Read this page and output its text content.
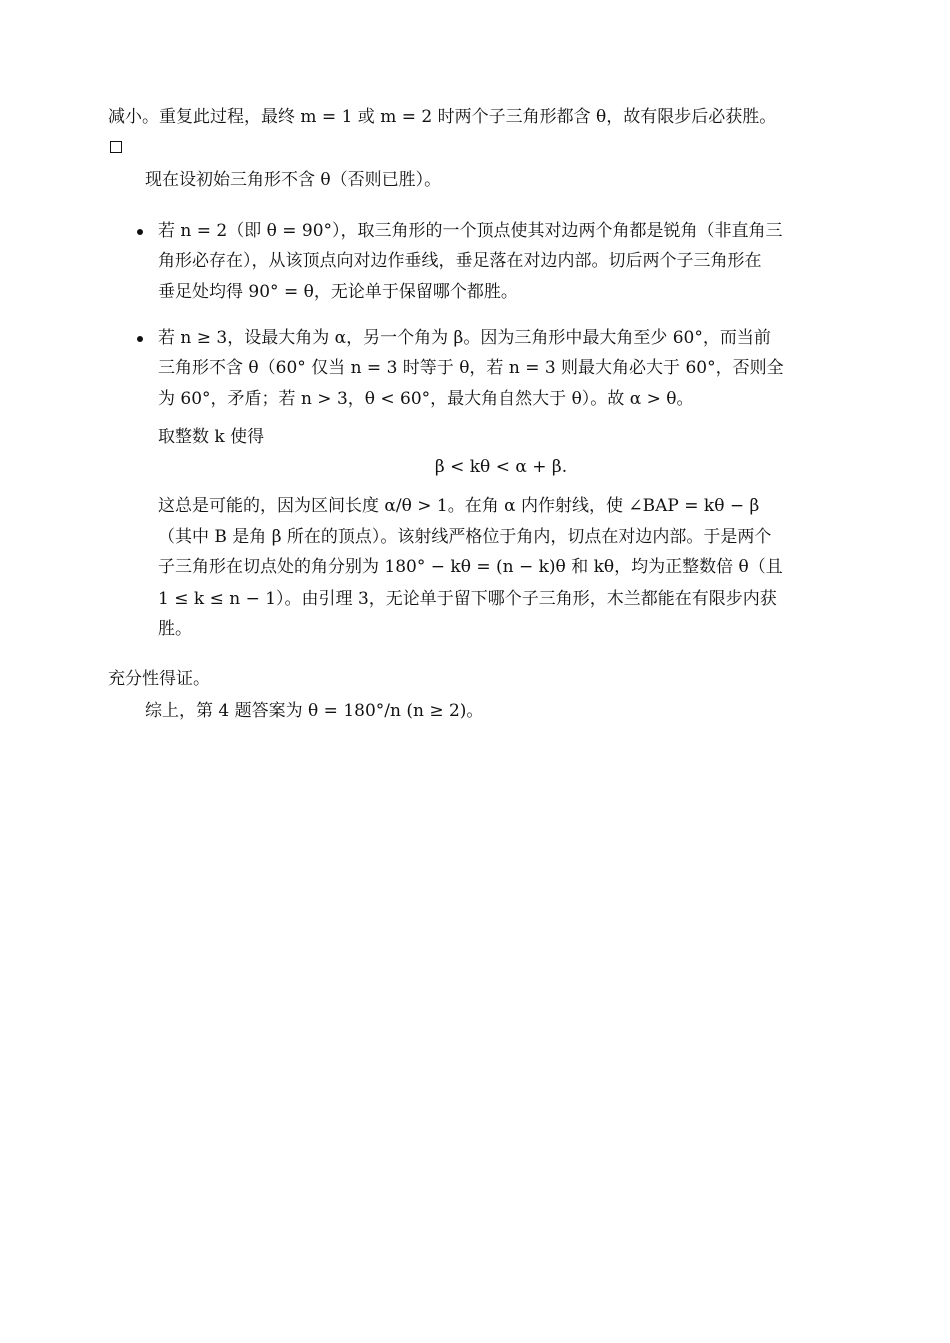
减小。重复此过程，最终 m = 1 或 m = 2 时两个子三角形都含 θ，故有限步后必获胜。
现在设初始三角形不含 θ（否则已胜）。
若 n = 2（即 θ = 90°），取三角形的一个顶点使其对边两个角都是锐角（非直角三
角形必存在），从该顶点向对边作垂线，垂足落在对边内部。切后两个子三角形在
垂足处均得 90° = θ，无论单于保留哪个都胜。
若 n ≥ 3，设最大角为 α，另一个角为 β。因为三角形中最大角至少 60°，而当前
三角形不含 θ（60° 仅当 n = 3 时等于 θ，若 n = 3 则最大角必大于 60°，否则全
为 60°，矛盾；若 n > 3，θ < 60°，最大角自然大于 θ）。故 α > θ。
取整数 k 使得
β < kθ < α + β.
这总是可能的，因为区间长度 α/θ > 1。在角 α 内作射线，使 ∠BAP = kθ − β
（其中 B 是角 β 所在的顶点）。该射线严格位于角内，切点在对边内部。于是两个
子三角形在切点处的角分别为 180° − kθ = (n − k)θ 和 kθ，均为正整数倍 θ（且
1 ≤ k ≤ n − 1）。由引理 3，无论单于留下哪个子三角形，木兰都能在有限步内获
胜。
充分性得证。
综上，第 4 题答案为 θ = 180°/n (n ≥ 2)。
